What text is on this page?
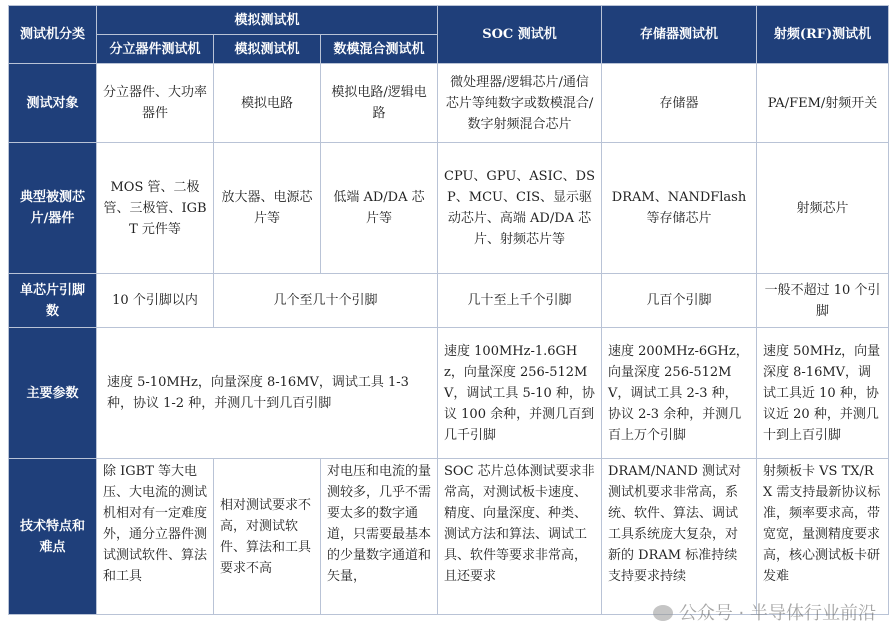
测试机分类	模拟测试机			SOC 测试机	存储器测试机	射频(RF)测试机
	分立器件测试机	模拟测试机	数模混合测试机			
测试对象	分立器件、大功率器件	模拟电路	模拟电路/逻辑电路	微处理器/逻辑芯片/通信芯片等纯数字或数模混合/数字射频混合芯片	存储器	PA/FEM/射频开关
典型被测芯片/器件	MOS 管、二极管、三极管、IGBT 元件等	放大器、电源芯片等	低端 AD/DA 芯片等	CPU、GPU、ASIC、DSP、MCU、CIS、显示驱动芯片、高端 AD/DA 芯片、射频芯片等	DRAM、NANDFlash 等存储芯片	射频芯片
单芯片引脚数	10 个引脚以内	几个至几十个引脚		几十至上千个引脚	几百个引脚	一般不超过 10 个引脚
主要参数	速度 5-10MHz，向量深度 8-16MV，调试工具 1-3 种，协议 1-2 种，并测几十到几百引脚			速度 100MHz-1.6GHz，向量深度 256-512MV，调试工具 5-10 种，协议 100 余种，并测几百到几千引脚	速度 200MHz-6GHz，向量深度 256-512MV，调试工具 2-3 种，协议 2-3 余种，并测几百上万个引脚	速度 50MHz，向量深度 8-16MV，调试工具近 10 种，协议近 20 种，并测几十到上百引脚
技术特点和难点	除 IGBT 等大电压、大电流的测试机相对有一定难度外，通分立器件测试测试软件、算法和工具	相对测试要求不高，对测试软件、算法和工具要求不高	对电压和电流的量测较多，几乎不需要太多的数字通道，只需要最基本的少量数字通道和矢量，	SOC 芯片总体测试要求非常高，对测试板卡速度、精度、向量深度、种类、测试方法和算法、调试工具、软件等要求非常高，且还要求	DRAM/NAND 测试对测试机要求非常高，系统、软件、算法、调试工具系统庞大复杂，对新的 DRAM 标准持续支持要求持续	射频板卡 VS TX/RX 需支持最新协议标准，频率要求高，带宽宽，量测精度要求高，核心测试板卡研发难
公众号 · 半导体行业前沿
